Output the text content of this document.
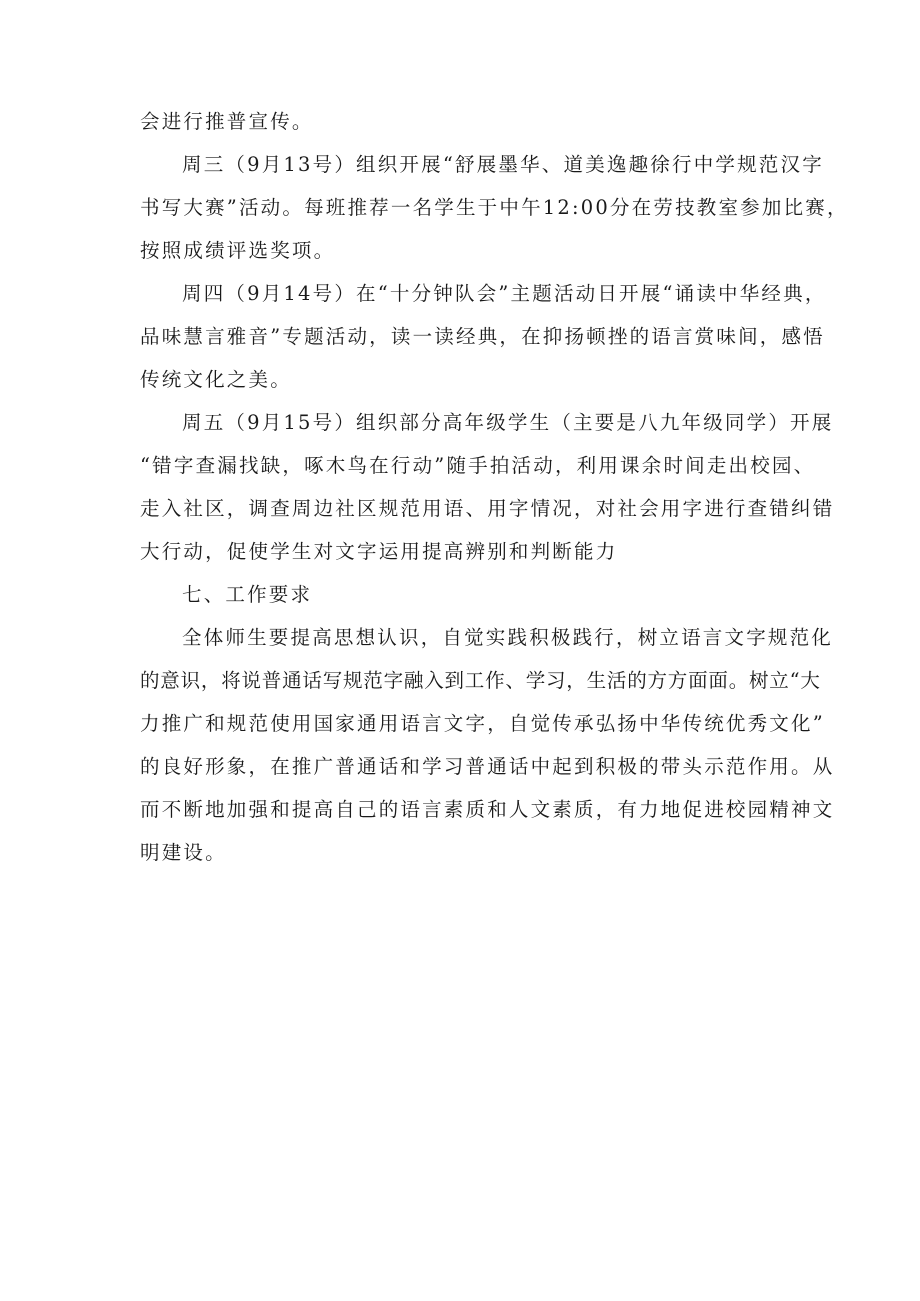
会进行推普宣传。
周三（9月13号）组织开展“舒展墨华、道美逸趣徐行中学规范汉字
书写大赛”活动。每班推荐一名学生于中午12:00分在劳技教室参加比赛，
按照成绩评选奖项。
周四（9月14号）在“十分钟队会”主题活动日开展“诵读中华经典，
品味慧言雅音”专题活动，读一读经典，在抑扬顿挫的语言赏味间，感悟
传统文化之美。
周五（9月15号）组织部分高年级学生（主要是八九年级同学）开展
“错字查漏找缺，啄木鸟在行动”随手拍活动，利用课余时间走出校园、
走入社区，调查周边社区规范用语、用字情况，对社会用字进行查错纠错
大行动，促使学生对文字运用提高辨别和判断能力
七、工作要求
全体师生要提高思想认识，自觉实践积极践行，树立语言文字规范化
的意识，将说普通话写规范字融入到工作、学习，生活的方方面面。树立“大
力推广和规范使用国家通用语言文字，自觉传承弘扬中华传统优秀文化”
的良好形象，在推广普通话和学习普通话中起到积极的带头示范作用。从
而不断地加强和提高自己的语言素质和人文素质，有力地促进校园精神文
明建设。
